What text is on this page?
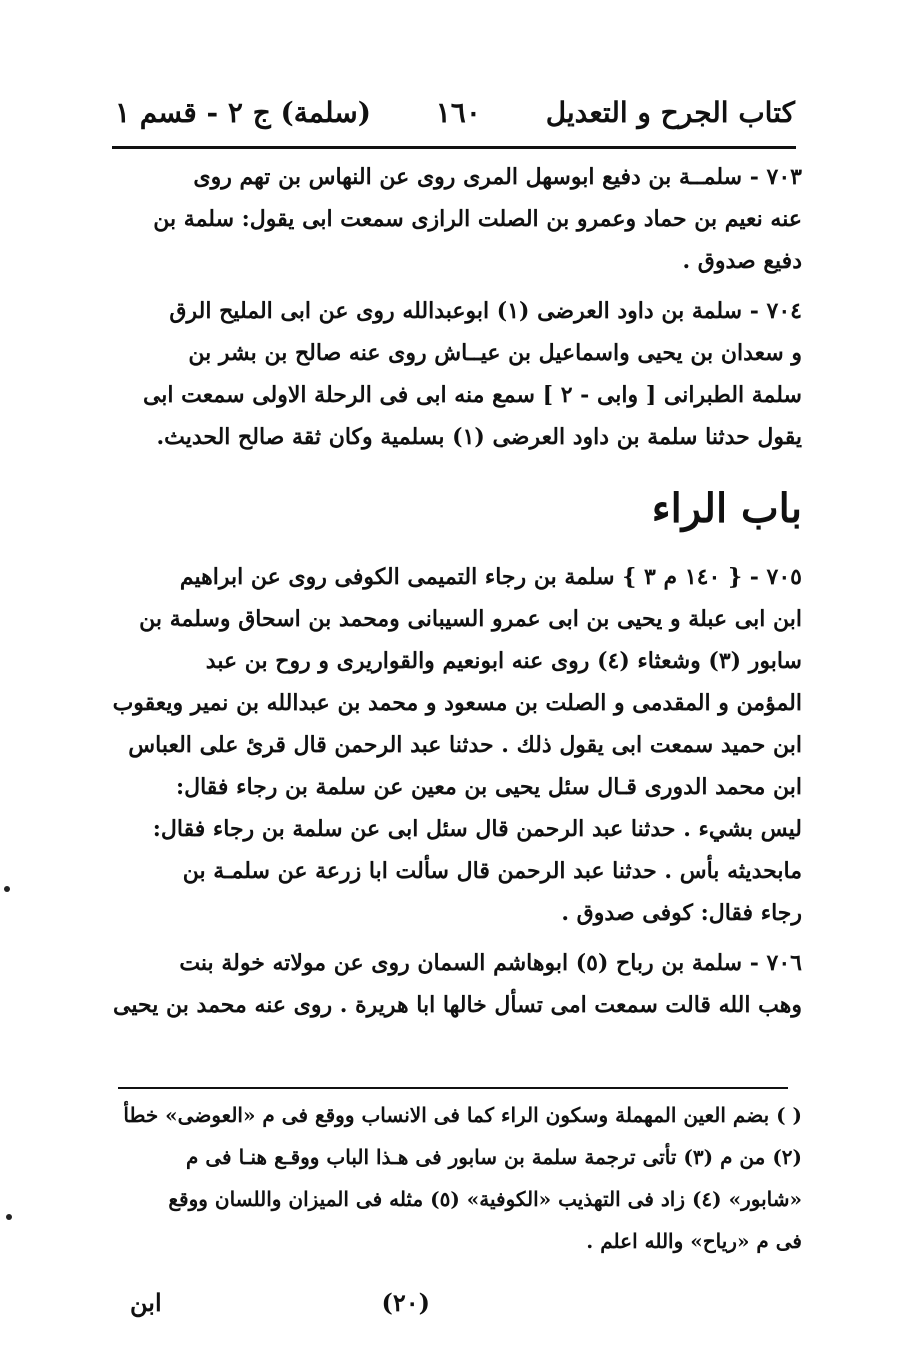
كتاب الجرح و التعديل
١٦٠
(سلمة) ج ٢ - قسم ١
٧٠٣ - سلمــة بن دفيع ابوسهل المرى روى عن النهاس بن تهم روى
عنه نعيم بن حماد وعمرو بن الصلت الرازى سمعت ابى يقول: سلمة بن
دفيع صدوق .
٧٠٤ - سلمة بن داود العرضى (١) ابوعبدالله روى عن ابى المليح الرق
و سعدان بن يحيى واسماعيل بن عيــاش روى عنه صالح بن بشر بن
سلمة الطبرانى [ وابى - ٢ ] سمع منه ابى فى الرحلة الاولى سمعت ابى
يقول حدثنا سلمة بن داود العرضى (١) بسلمية وكان ثقة صالح الحديث.
باب الراء
٧٠٥ - { ١٤٠ م ٣ } سلمة بن رجاء التميمى الكوفى روى عن ابراهيم
ابن ابى عبلة و يحيى بن ابى عمرو السيبانى ومحمد بن اسحاق وسلمة بن
سابور (٣) وشعثاء (٤) روى عنه ابونعيم والقواريرى و روح بن عبد
المؤمن و المقدمى و الصلت بن مسعود و محمد بن عبدالله بن نمير ويعقوب
ابن حميد سمعت ابى يقول ذلك . حدثنا عبد الرحمن قال قرئ على العباس
ابن محمد الدورى قـال سئل يحيى بن معين عن سلمة بن رجاء فقال:
ليس بشيء . حدثنا عبد الرحمن قال سئل ابى عن سلمة بن رجاء فقال:
مابحديثه بأس . حدثنا عبد الرحمن قال سألت ابا زرعة عن سلمـة بن
رجاء فقال: كوفى صدوق .
٧٠٦ - سلمة بن رباح (٥) ابوهاشم السمان روى عن مولاته خولة بنت
وهب الله قالت سمعت امى تسأل خالها ابا هريرة . روى عنه محمد بن يحيى
( ) بضم العين المهملة وسكون الراء كما فى الانساب ووقع فى م «العوضى» خطأ
(٢) من م (٣) تأتى ترجمة سلمة بن سابور فى هـذا الباب ووقـع هنـا فى م
«شابور» (٤) زاد فى التهذيب «الكوفية» (٥) مثله فى الميزان واللسان ووقع
فى م «رياح» والله اعلم .
(٢٠)
ابن
